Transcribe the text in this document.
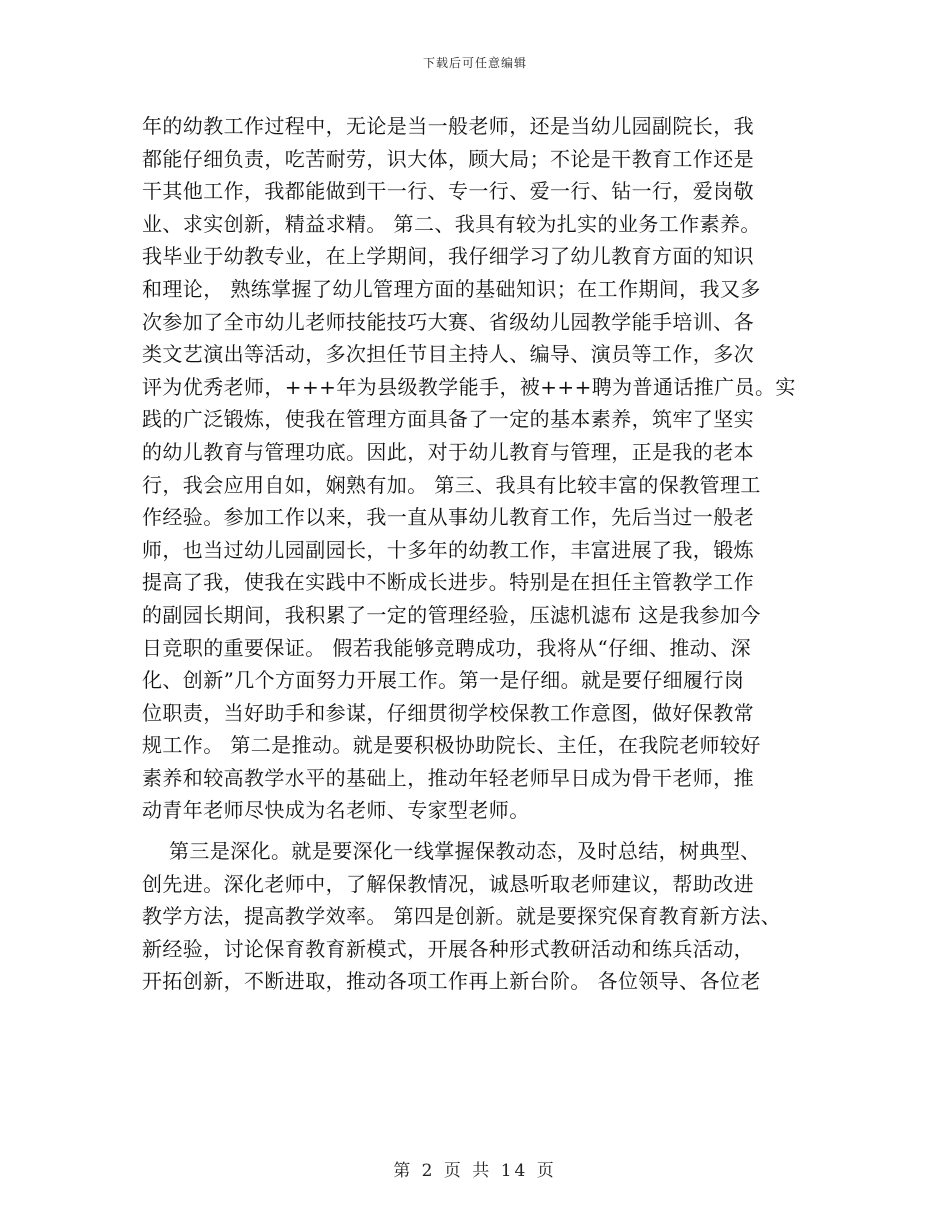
下载后可任意编辑
年的幼教工作过程中，无论是当一般老师，还是当幼儿园副院长，我
都能仔细负责，吃苦耐劳，识大体，顾大局；不论是干教育工作还是
干其他工作，我都能做到干一行、专一行、爱一行、钻一行，爱岗敬
业、求实创新，精益求精。 第二、我具有较为扎实的业务工作素养。
我毕业于幼教专业，在上学期间，我仔细学习了幼儿教育方面的知识
和理论， 熟练掌握了幼儿管理方面的基础知识；在工作期间，我又多
次参加了全市幼儿老师技能技巧大赛、省级幼儿园教学能手培训、各
类文艺演出等活动，多次担任节目主持人、编导、演员等工作，多次
评为优秀老师，+++年为县级教学能手，被+++聘为普通话推广员。实
践的广泛锻炼，使我在管理方面具备了一定的基本素养，筑牢了坚实
的幼儿教育与管理功底。因此，对于幼儿教育与管理，正是我的老本
行，我会应用自如，娴熟有加。 第三、我具有比较丰富的保教管理工
作经验。参加工作以来，我一直从事幼儿教育工作，先后当过一般老
师，也当过幼儿园副园长，十多年的幼教工作，丰富进展了我，锻炼
提高了我，使我在实践中不断成长进步。特别是在担任主管教学工作
的副园长期间，我积累了一定的管理经验，压滤机滤布 这是我参加今
日竞职的重要保证。 假若我能够竞聘成功，我将从“仔细、推动、深
化、创新”几个方面努力开展工作。第一是仔细。就是要仔细履行岗
位职责，当好助手和参谋，仔细贯彻学校保教工作意图，做好保教常
规工作。 第二是推动。就是要积极协助院长、主任，在我院老师较好
素养和较高教学水平的基础上，推动年轻老师早日成为骨干老师，推
动青年老师尽快成为名老师、专家型老师。
第三是深化。就是要深化一线掌握保教动态，及时总结，树典型、
创先进。深化老师中，了解保教情况，诚恳听取老师建议，帮助改进
教学方法，提高教学效率。 第四是创新。就是要探究保育教育新方法、
新经验，讨论保育教育新模式，开展各种形式教研活动和练兵活动，
开拓创新，不断进取，推动各项工作再上新台阶。 各位领导、各位老
第 2 页 共 14 页
